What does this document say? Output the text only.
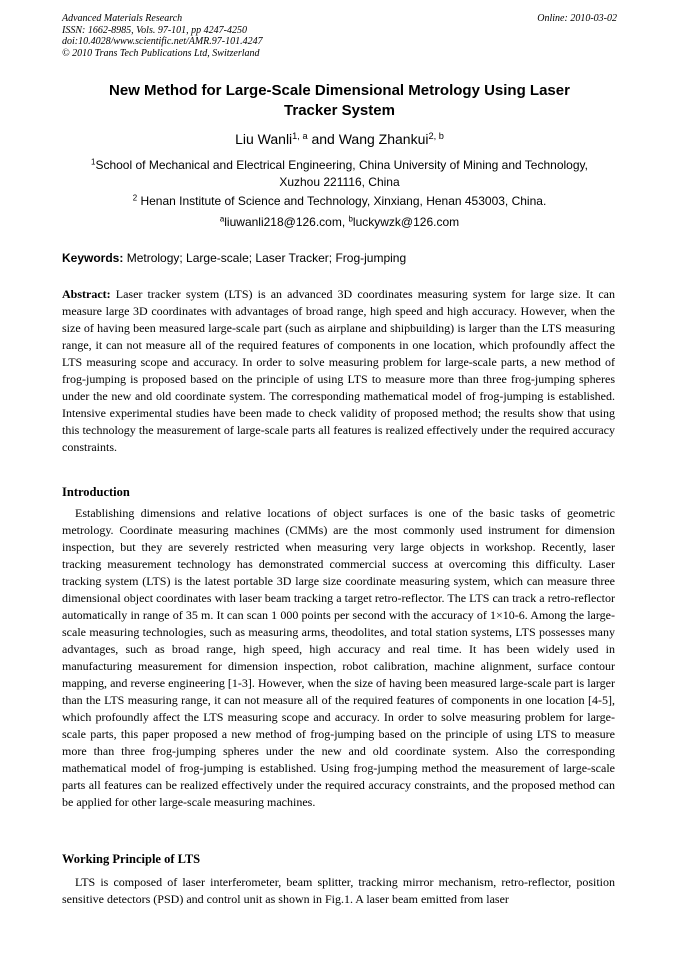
Advanced Materials Research
ISSN: 1662-8985, Vols. 97-101, pp 4247-4250
doi:10.4028/www.scientific.net/AMR.97-101.4247
© 2010 Trans Tech Publications Ltd, Switzerland
Online: 2010-03-02
New Method for Large-Scale Dimensional Metrology Using Laser
Tracker System
Liu Wanli$^{1, a}$ and Wang Zhankui$^{2, b}$
$^1$School of Mechanical and Electrical Engineering, China University of Mining and Technology,
Xuzhou 221116, China
$^2$ Henan Institute of Science and Technology, Xinxiang, Henan 453003, China.
$^a$liuwanli218@126.com, $^b$luckywzk@126.com
Keywords: Metrology; Large-scale; Laser Tracker; Frog-jumping
Abstract: Laser tracker system (LTS) is an advanced 3D coordinates measuring system for large size. It can measure large 3D coordinates with advantages of broad range, high speed and high accuracy. However, when the size of having been measured large-scale part (such as airplane and shipbuilding) is larger than the LTS measuring range, it can not measure all of the required features of components in one location, which profoundly affect the LTS measuring scope and accuracy. In order to solve measuring problem for large-scale parts, a new method of frog-jumping is proposed based on the principle of using LTS to measure more than three frog-jumping spheres under the new and old coordinate system. The corresponding mathematical model of frog-jumping is established. Intensive experimental studies have been made to check validity of proposed method; the results show that using this technology the measurement of large-scale parts all features is realized effectively under the required accuracy constraints.
Introduction
Establishing dimensions and relative locations of object surfaces is one of the basic tasks of geometric metrology. Coordinate measuring machines (CMMs) are the most commonly used instrument for dimension inspection, but they are severely restricted when measuring very large objects in workshop. Recently, laser tracking measurement technology has demonstrated commercial success at overcoming this difficulty. Laser tracking system (LTS) is the latest portable 3D large size coordinate measuring system, which can measure three dimensional object coordinates with laser beam tracking a target retro-reflector. The LTS can track a retro-reflector automatically in range of 35 m. It can scan 1 000 points per second with the accuracy of 1×10-6. Among the large-scale measuring technologies, such as measuring arms, theodolites, and total station systems, LTS possesses many advantages, such as broad range, high speed, high accuracy and real time. It has been widely used in manufacturing measurement for dimension inspection, robot calibration, machine alignment, surface contour mapping, and reverse engineering [1-3]. However, when the size of having been measured large-scale part is larger than the LTS measuring range, it can not measure all of the required features of components in one location [4-5], which profoundly affect the LTS measuring scope and accuracy. In order to solve measuring problem for large-scale parts, this paper proposed a new method of frog-jumping based on the principle of using LTS to measure more than three frog-jumping spheres under the new and old coordinate system. Also the corresponding mathematical model of frog-jumping is established. Using frog-jumping method the measurement of large-scale parts all features can be realized effectively under the required accuracy constraints, and the proposed method can be applied for other large-scale measuring machines.
Working Principle of LTS
LTS is composed of laser interferometer, beam splitter, tracking mirror mechanism, retro-reflector, position sensitive detectors (PSD) and control unit as shown in Fig.1. A laser beam emitted from laser
